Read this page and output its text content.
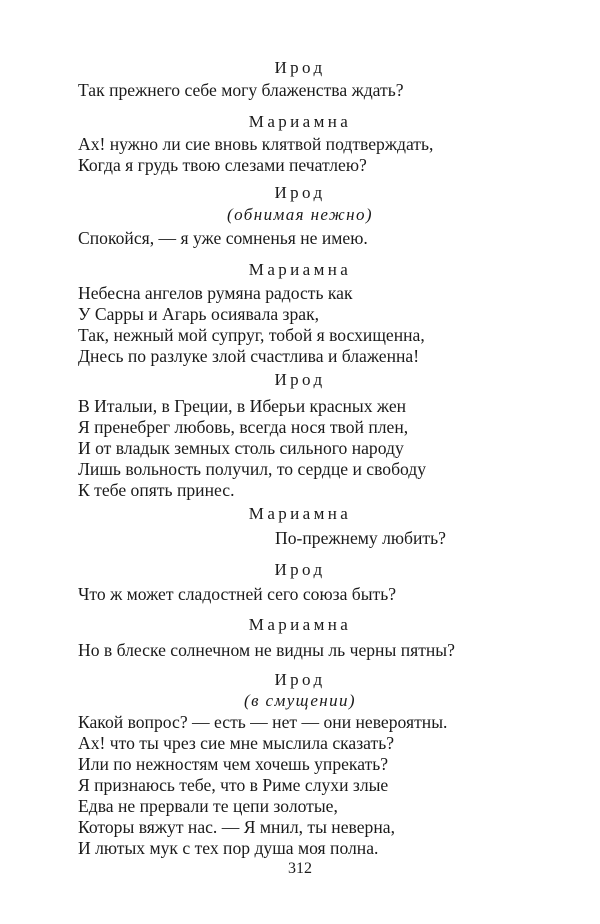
Ирод
Так прежнего себе могу блаженства ждать?
Мариамна
Ах! нужно ли сие вновь клятвой подтверждать,
Когда я грудь твою слезами печатлею?
Ирод
(обнимая нежно)
Спокойся, — я уже сомненья не имею.
Мариамна
Небесна ангелов румяна радость как
У Сарры и Агарь осиявала зрак,
Так, нежный мой супруг, тобой я восхищенна,
Днесь по разлуке злой счастлива и блаженна!
Ирод
В Италыи, в Греции, в Иберьи красных жен
Я пренебрег любовь, всегда нося твой плен,
И от владык земных столь сильного народу
Лишь вольность получил, то сердце и свободу
К тебе опять принес.
Мариамна
По-прежнему любить?
Ирод
Что ж может сладостней сего союза быть?
Мариамна
Но в блеске солнечном не видны ль черны пятны?
Ирод
(в смущении)
Какой вопрос? — есть — нет — они невероятны.
Ах! что ты чрез сие мне мыслила сказать?
Или по нежностям чем хочешь упрекать?
Я признаюсь тебе, что в Риме слухи злые
Едва не прервали те цепи золотые,
Которы вяжут нас. — Я мнил, ты неверна,
И лютых мук с тех пор душа моя полна.
312
